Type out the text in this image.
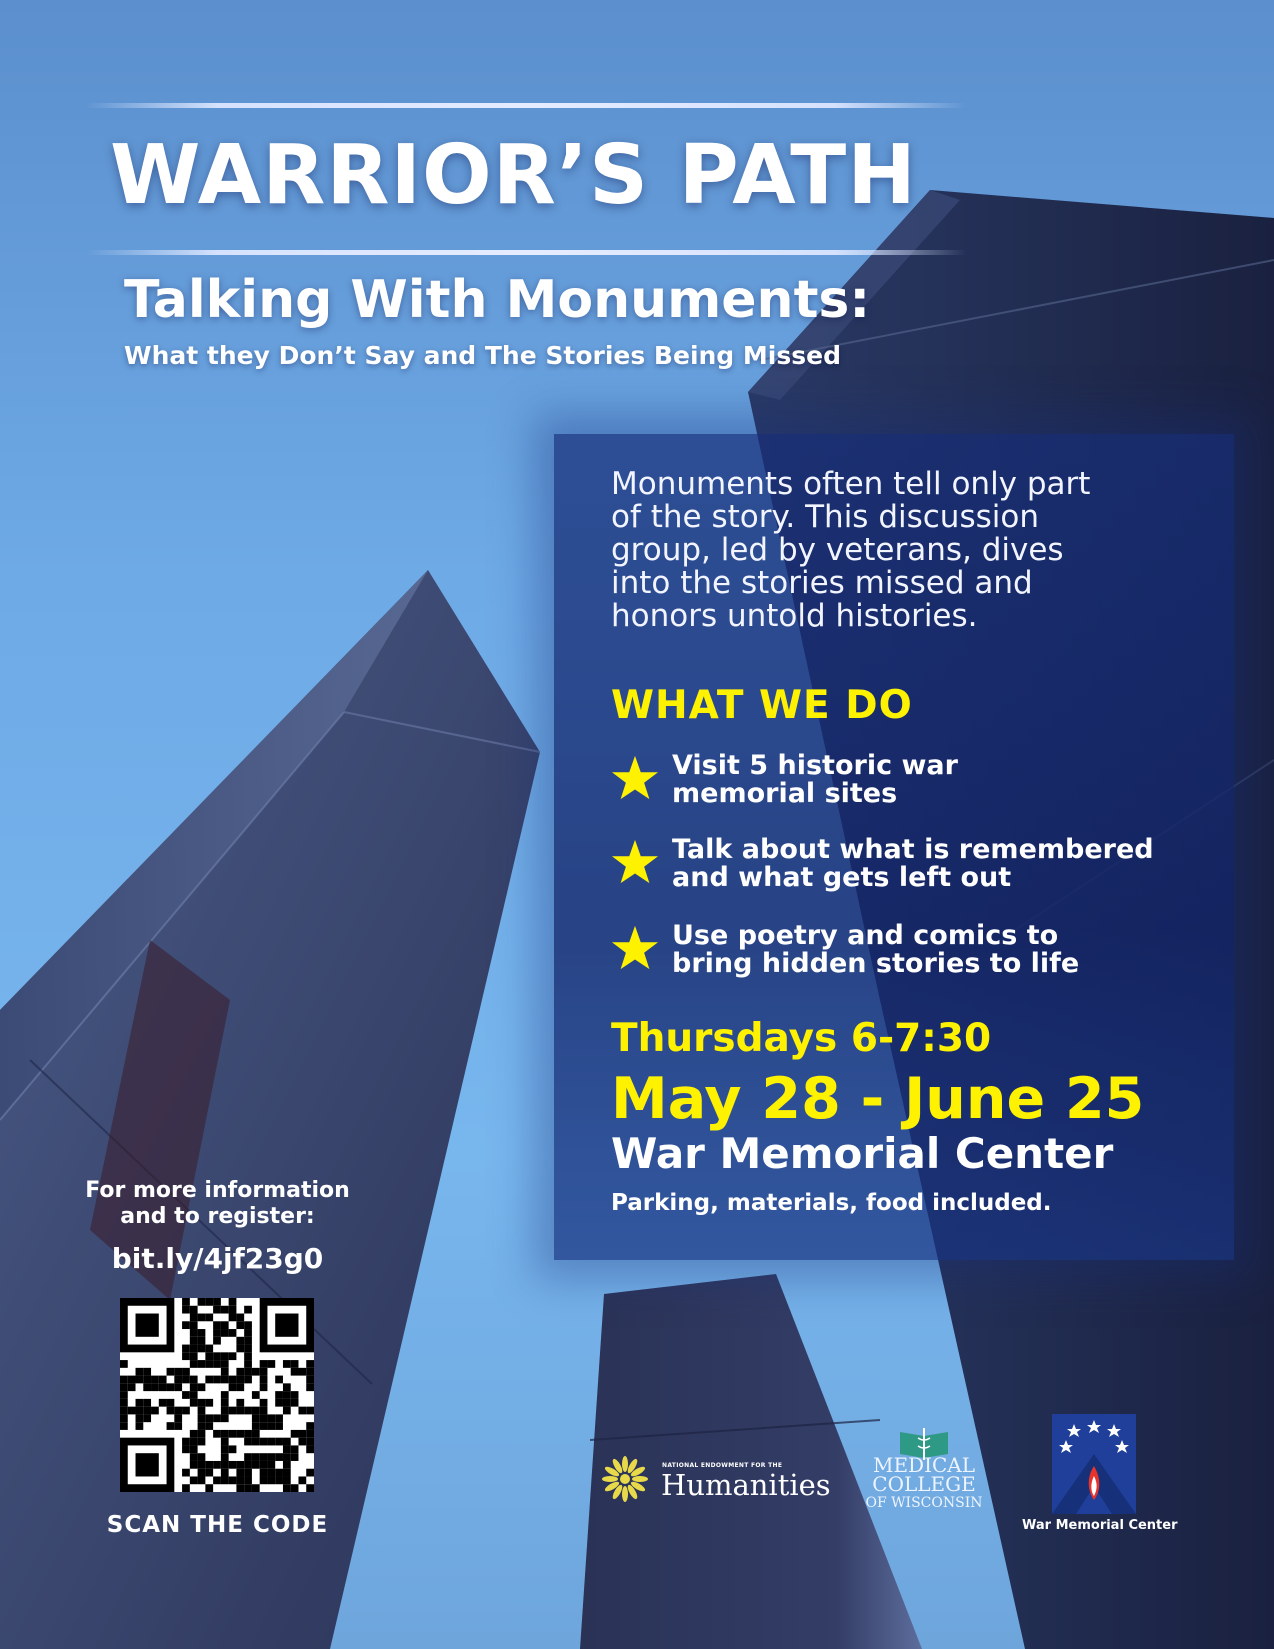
WARRIOR’S PATH
Talking With Monuments:
What they Don’t Say and The Stories Being Missed
Monuments often tell only part
of the story. This discussion
group, led by veterans, dives
into the stories missed and
honors untold histories.
WHAT WE DO
Visit 5 historic war
memorial sites
Talk about what is remembered
and what gets left out
Use poetry and comics to
bring hidden stories to life
Thursdays 6-7:30
May 28 - June 25
War Memorial Center
Parking, materials, food included.
For more information
and to register:
bit.ly/4jf23g0
SCAN THE CODE
NATIONAL ENDOWMENT FOR THE
Humanities
MEDICAL
COLLEGE
OF WISCONSIN
War Memorial Center
